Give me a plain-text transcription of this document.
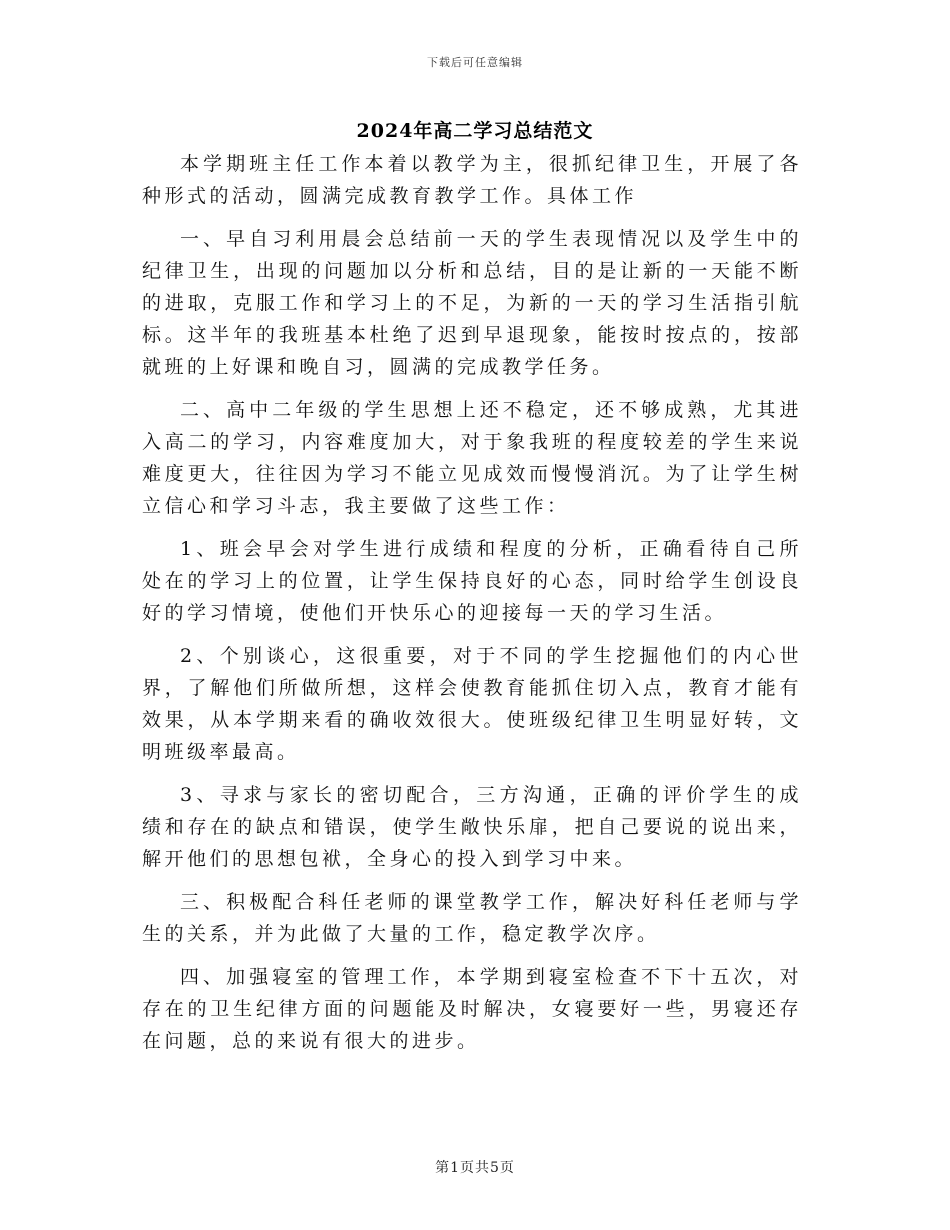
下载后可任意编辑
2024年高二学习总结范文

本学期班主任工作本着以教学为主，很抓纪律卫生，开展了各种形式的活动，圆满完成教育教学工作。具体工作

一、早自习利用晨会总结前一天的学生表现情况以及学生中的纪律卫生，出现的问题加以分析和总结，目的是让新的一天能不断的进取，克服工作和学习上的不足，为新的一天的学习生活指引航标。这半年的我班基本杜绝了迟到早退现象，能按时按点的，按部就班的上好课和晚自习，圆满的完成教学任务。

二、高中二年级的学生思想上还不稳定，还不够成熟，尤其进入高二的学习，内容难度加大，对于象我班的程度较差的学生来说难度更大，往往因为学习不能立见成效而慢慢消沉。为了让学生树立信心和学习斗志，我主要做了这些工作：

1、班会早会对学生进行成绩和程度的分析，正确看待自己所处在的学习上的位置，让学生保持良好的心态，同时给学生创设良好的学习情境，使他们开快乐心的迎接每一天的学习生活。

2、个别谈心，这很重要，对于不同的学生挖掘他们的内心世界，了解他们所做所想，这样会使教育能抓住切入点，教育才能有效果，从本学期来看的确收效很大。使班级纪律卫生明显好转，文明班级率最高。

3、寻求与家长的密切配合，三方沟通，正确的评价学生的成绩和存在的缺点和错误，使学生敞快乐扉，把自己要说的说出来，解开他们的思想包袱，全身心的投入到学习中来。

三、积极配合科任老师的课堂教学工作，解决好科任老师与学生的关系，并为此做了大量的工作，稳定教学次序。

四、加强寝室的管理工作，本学期到寝室检查不下十五次，对存在的卫生纪律方面的问题能及时解决，女寝要好一些，男寝还存在问题，总的来说有很大的进步。

第1页共5页
